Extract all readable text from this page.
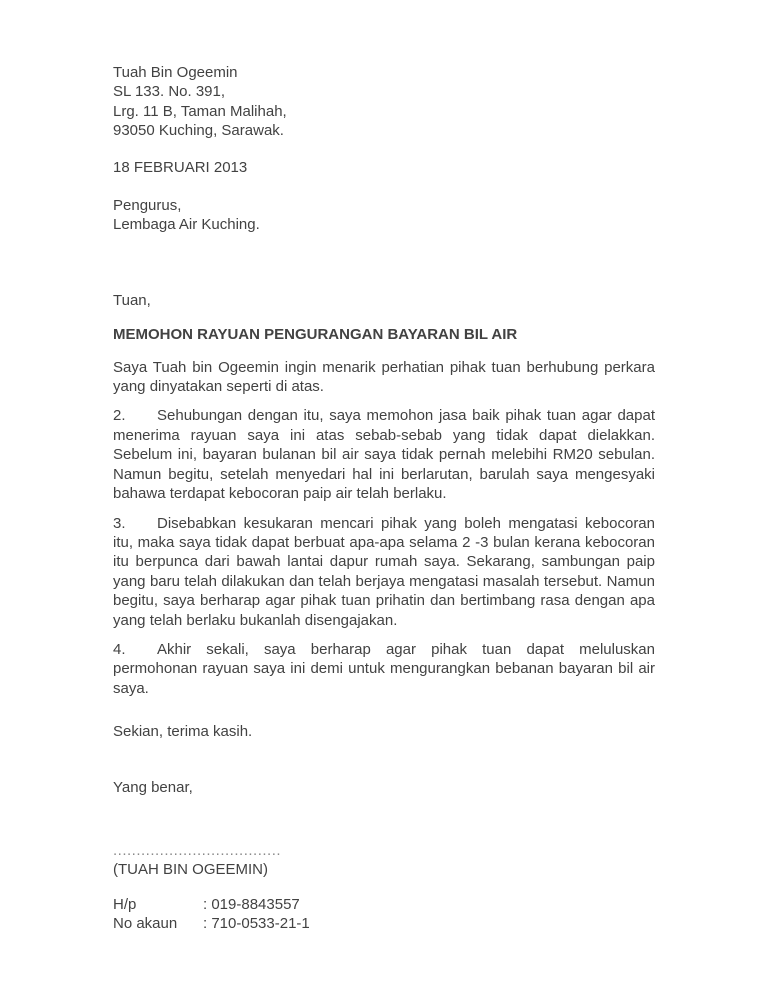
Tuah Bin Ogeemin
SL 133. No. 391,
Lrg. 11 B, Taman Malihah,
93050 Kuching, Sarawak.
18 FEBRUARI 2013
Pengurus,
Lembaga Air Kuching.
Tuan,
MEMOHON RAYUAN PENGURANGAN BAYARAN BIL AIR

Saya Tuah bin Ogeemin ingin menarik perhatian pihak tuan berhubung perkara yang dinyatakan seperti di atas.

2. Sehubungan dengan itu, saya memohon jasa baik pihak tuan agar dapat menerima rayuan saya ini atas sebab-sebab yang tidak dapat dielakkan. Sebelum ini, bayaran bulanan bil air saya tidak pernah melebihi RM20 sebulan. Namun begitu, setelah menyedari hal ini berlarutan, barulah saya mengesyaki bahawa terdapat kebocoran paip air telah berlaku.

3. Disebabkan kesukaran mencari pihak yang boleh mengatasi kebocoran itu, maka saya tidak dapat berbuat apa-apa selama 2 -3 bulan kerana kebocoran itu berpunca dari bawah lantai dapur rumah saya. Sekarang, sambungan paip yang baru telah dilakukan dan telah berjaya mengatasi masalah tersebut. Namun begitu, saya berharap agar pihak tuan prihatin dan bertimbang rasa dengan apa yang telah berlaku bukanlah disengajakan.

4. Akhir sekali, saya berharap agar pihak tuan dapat meluluskan permohonan rayuan saya ini demi untuk mengurangkan bebanan bayaran bil air saya.

Sekian, terima kasih.
Yang benar,
....................................
(TUAH BIN OGEEMIN)
H/p	: 019-8843557
No akaun : 710-0533-21-1
